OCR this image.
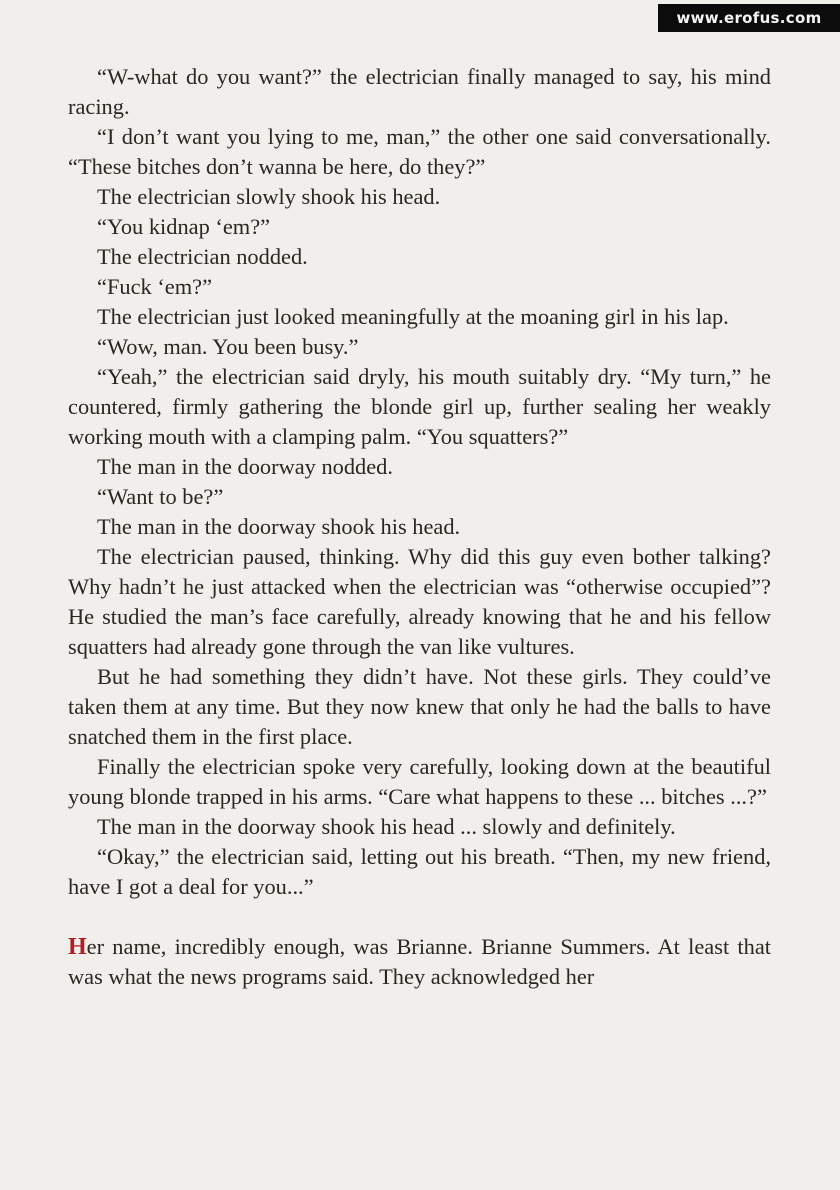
www.erofus.com

“W-what do you want?” the electrician finally managed to say, his mind racing.

“I don’t want you lying to me, man,” the other one said conversationally. “These bitches don’t wanna be here, do they?”

The electrician slowly shook his head.

“You kidnap ‘em?”

The electrician nodded.

“Fuck ‘em?”

The electrician just looked meaningfully at the moaning girl in his lap.

“Wow, man. You been busy.”

“Yeah,” the electrician said dryly, his mouth suitably dry. “My turn,” he countered, firmly gathering the blonde girl up, further sealing her weakly working mouth with a clamping palm. “You squatters?”

The man in the doorway nodded.

“Want to be?”

The man in the doorway shook his head.

The electrician paused, thinking. Why did this guy even bother talking? Why hadn’t he just attacked when the electrician was “otherwise occupied”? He studied the man’s face carefully, already knowing that he and his fellow squatters had already gone through the van like vultures.

But he had something they didn’t have. Not these girls. They could’ve taken them at any time. But they now knew that only he had the balls to have snatched them in the first place.

Finally the electrician spoke very carefully, looking down at the beautiful young blonde trapped in his arms. “Care what happens to these ... bitches ...?”

The man in the doorway shook his head ... slowly and definitely.

“Okay,” the electrician said, letting out his breath. “Then, my new friend, have I got a deal for you...”

Her name, incredibly enough, was Brianne. Brianne Summers. At least that was what the news programs said. They acknowledged her
